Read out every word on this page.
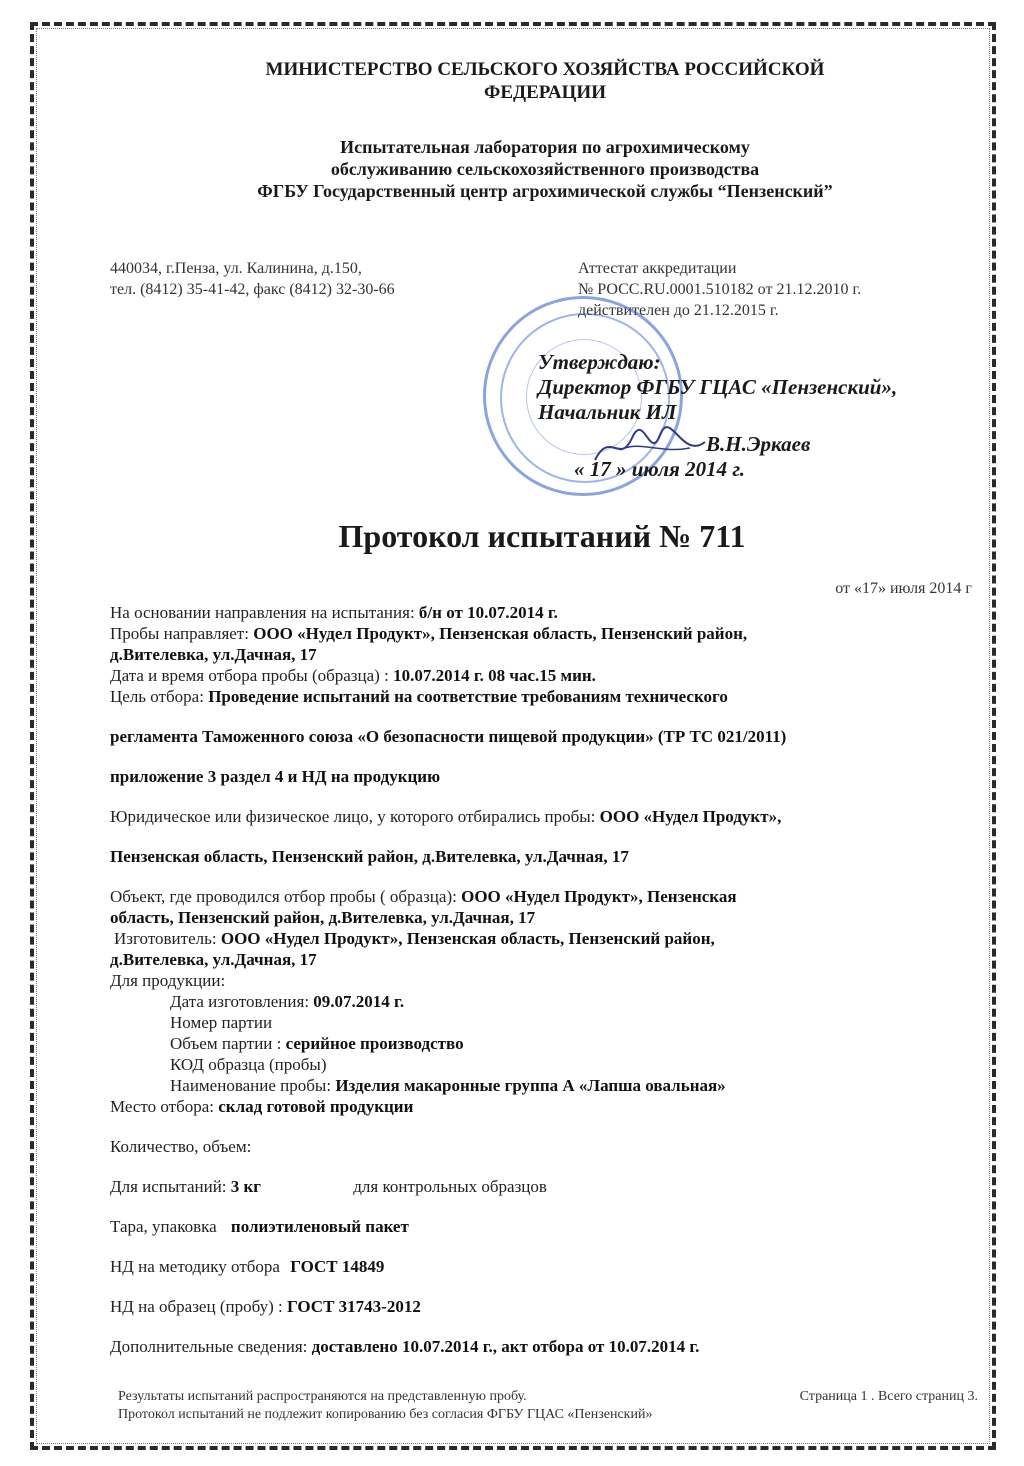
МИНИСТЕРСТВО СЕЛЬСКОГО ХОЗЯЙСТВА РОССИЙСКОЙ
ФЕДЕРАЦИИ
Испытательная лаборатория по агрохимическому
обслуживанию сельскохозяйственного производства
ФГБУ Государственный центр агрохимической службы “Пензенский”
440034, г.Пенза, ул. Калинина, д.150,
тел. (8412) 35-41-42, факс (8412) 32-30-66
Аттестат аккредитации
№ РОСС.RU.0001.510182 от 21.12.2010 г.
действителен до 21.12.2015 г.
Утверждаю:
Директор ФГБУ ГЦАС «Пензенский»,
Начальник ИЛ
В.Н.Эркаев
« 17 » июля 2014 г.
Протокол испытаний № 711
от «17» июля 2014 г
На основании направления на испытания: б/н от 10.07.2014 г.
Пробы направляет: ООО «Нудел Продукт», Пензенская область, Пензенский район,
д.Вителевка, ул.Дачная, 17
Дата и время отбора пробы (образца) : 10.07.2014 г. 08 час.15 мин.
Цель отбора: Проведение испытаний на соответствие требованиям технического
регламента Таможенного союза «О безопасности пищевой продукции» (ТР ТС 021/2011)
приложение 3 раздел 4 и НД на продукцию
Юридическое или физическое лицо, у которого отбирались пробы: ООО «Нудел Продукт»,
Пензенская область, Пензенский район, д.Вителевка, ул.Дачная, 17
Объект, где проводился отбор пробы ( образца): ООО «Нудел Продукт», Пензенская
область, Пензенский район, д.Вителевка, ул.Дачная, 17
Изготовитель: ООО «Нудел Продукт», Пензенская область, Пензенский район,
д.Вителевка, ул.Дачная, 17
Для продукции:
Дата изготовления: 09.07.2014 г.
Номер партии
Объем партии : серийное производство
КОД образца (пробы)
Наименование пробы: Изделия макаронные группа А «Лапша овальная»
Место отбора: склад готовой продукции
Количество, объем:
Для испытаний: 3 кг	для контрольных образцов
Тара, упаковка полиэтиленовый пакет
НД на методику отбора ГОСТ 14849
НД на образец (пробу) : ГОСТ 31743-2012
Дополнительные сведения: доставлено 10.07.2014 г., акт отбора от 10.07.2014 г.
Результаты испытаний распространяются на представленную пробу.	Страница 1 . Всего страниц 3.
Протокол испытаний не подлежит копированию без согласия ФГБУ ГЦАС «Пензенский»
